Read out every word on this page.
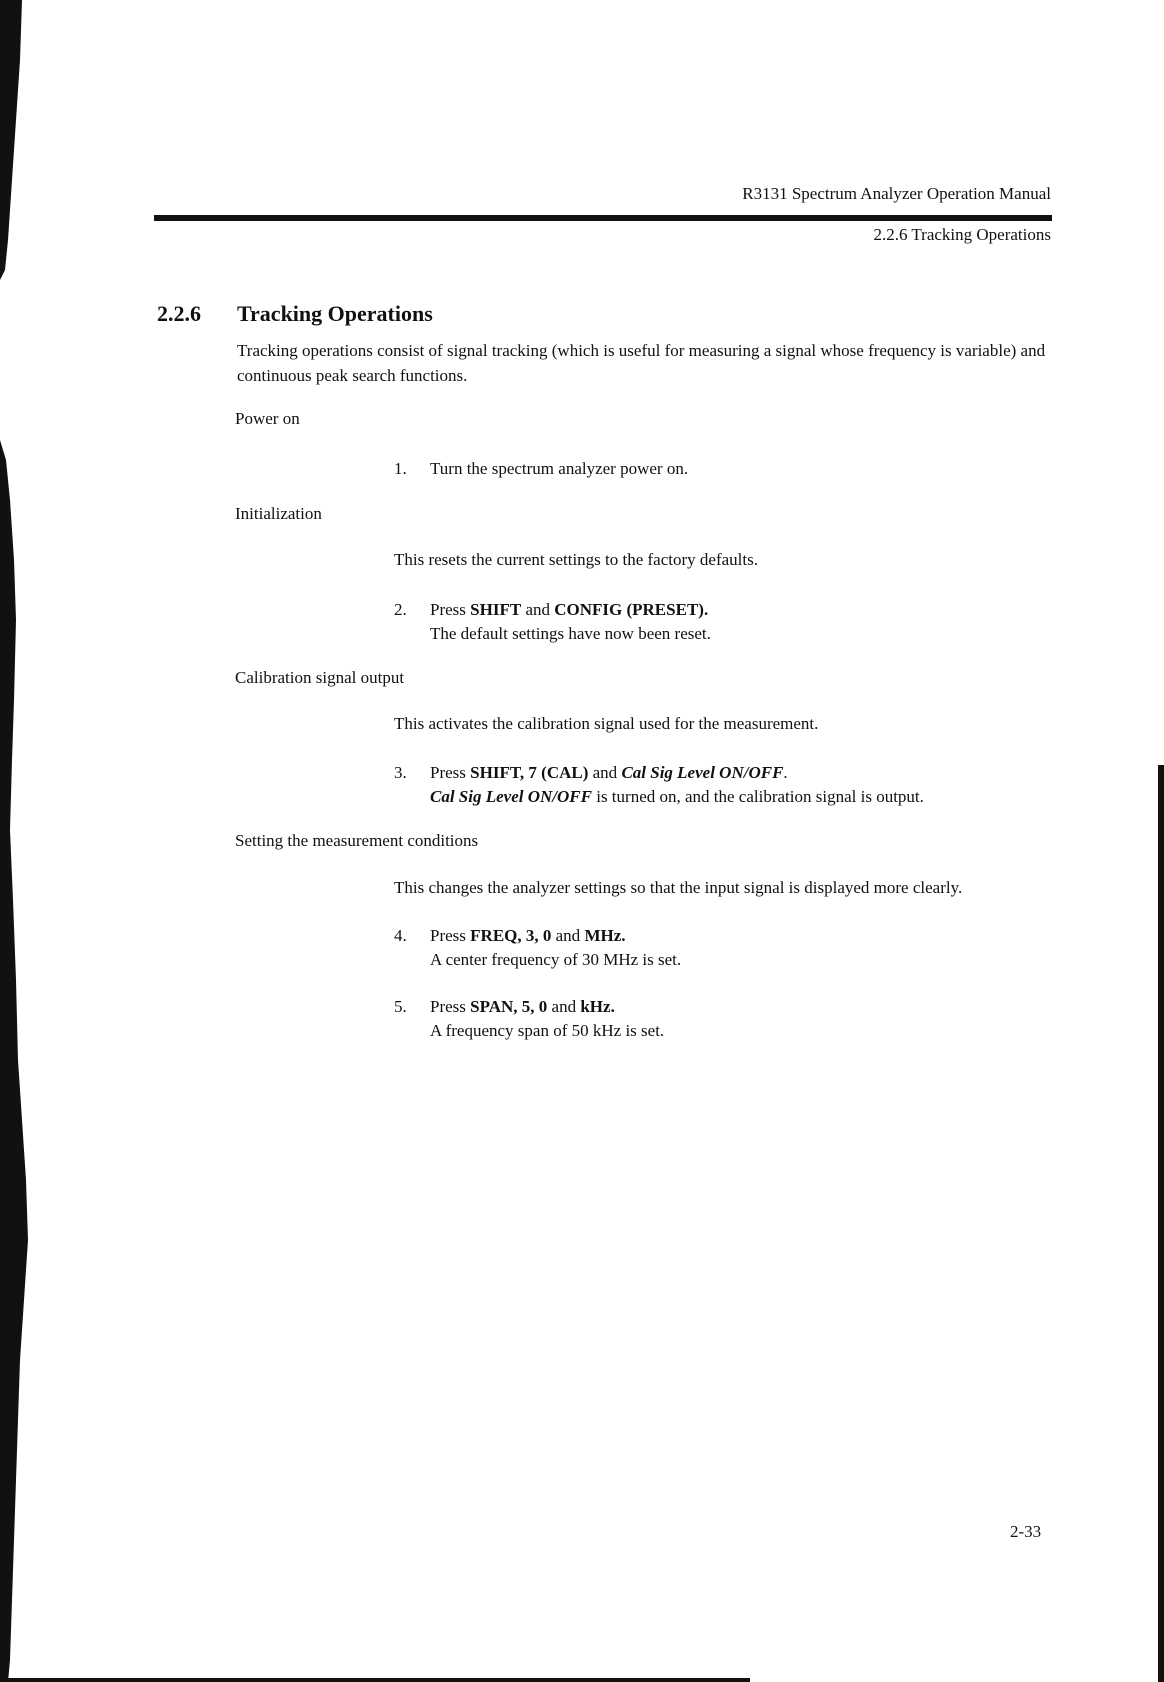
R3131 Spectrum Analyzer Operation Manual
2.2.6 Tracking Operations
2.2.6 Tracking Operations
Tracking operations consist of signal tracking (which is useful for measuring a signal whose frequency is variable) and continuous peak search functions.
Power on
1.	Turn the spectrum analyzer power on.
Initialization
This resets the current settings to the factory defaults.
2.	Press SHIFT and CONFIG (PRESET).
The default settings have now been reset.
Calibration signal output
This activates the calibration signal used for the measurement.
3.	Press SHIFT, 7 (CAL) and Cal Sig Level ON/OFF.
Cal Sig Level ON/OFF is turned on, and the calibration signal is output.
Setting the measurement conditions
This changes the analyzer settings so that the input signal is displayed more clearly.
4.	Press FREQ, 3, 0 and MHz.
A center frequency of 30 MHz is set.
5.	Press SPAN, 5, 0 and kHz.
A frequency span of 50 kHz is set.
2-33
